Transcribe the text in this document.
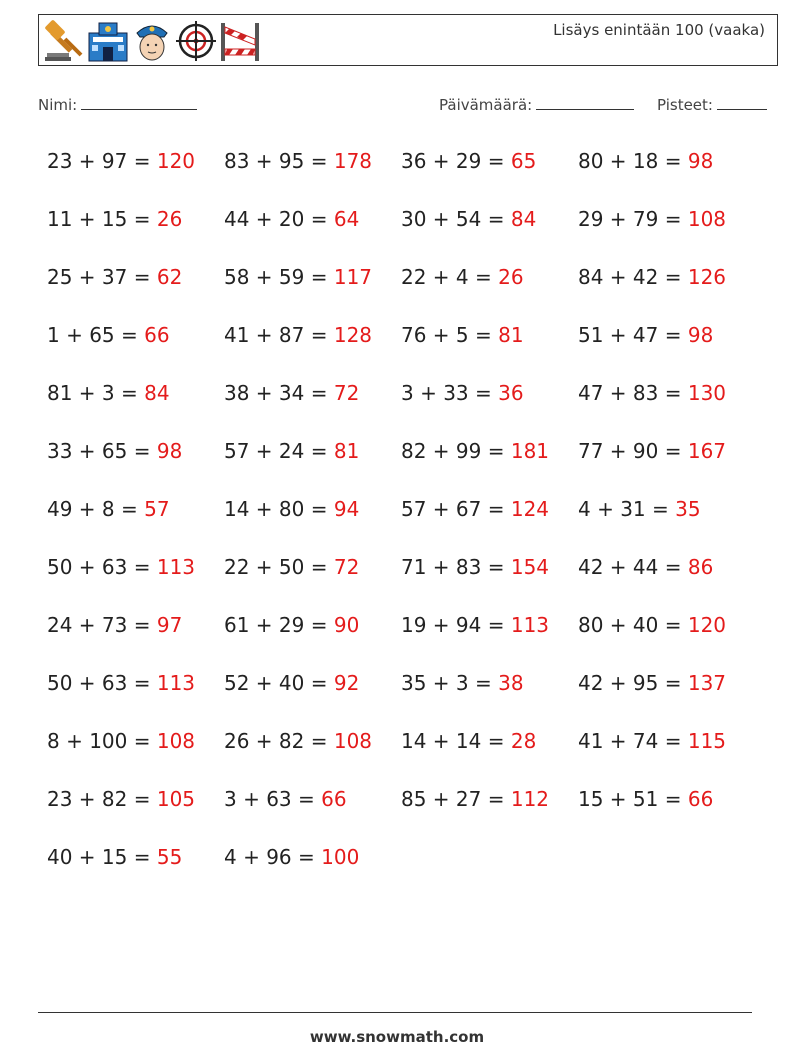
Lisäys enintään 100 (vaaka)
Nimi:	Päivämäärä:	Pisteet:
23 + 97 = 120	83 + 95 = 178	36 + 29 = 65	80 + 18 = 98
11 + 15 = 26	44 + 20 = 64	30 + 54 = 84	29 + 79 = 108
25 + 37 = 62	58 + 59 = 117	22 + 4 = 26	84 + 42 = 126
1 + 65 = 66	41 + 87 = 128	76 + 5 = 81	51 + 47 = 98
81 + 3 = 84	38 + 34 = 72	3 + 33 = 36	47 + 83 = 130
33 + 65 = 98	57 + 24 = 81	82 + 99 = 181	77 + 90 = 167
49 + 8 = 57	14 + 80 = 94	57 + 67 = 124	4 + 31 = 35
50 + 63 = 113	22 + 50 = 72	71 + 83 = 154	42 + 44 = 86
24 + 73 = 97	61 + 29 = 90	19 + 94 = 113	80 + 40 = 120
50 + 63 = 113	52 + 40 = 92	35 + 3 = 38	42 + 95 = 137
8 + 100 = 108	26 + 82 = 108	14 + 14 = 28	41 + 74 = 115
23 + 82 = 105	3 + 63 = 66	85 + 27 = 112	15 + 51 = 66
40 + 15 = 55	4 + 96 = 100
www.snowmath.com
